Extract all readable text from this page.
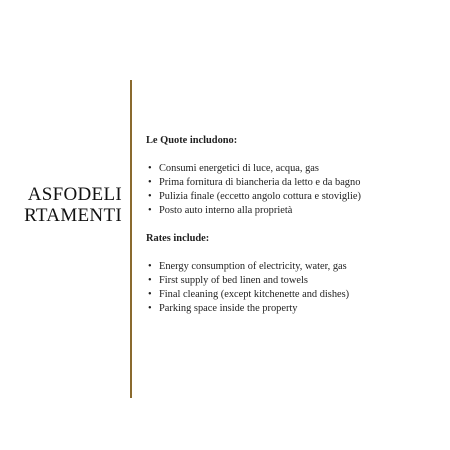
ASFODELI
RTAMENTI
Le Quote includono:
• Consumi energetici di luce, acqua, gas
• Prima fornitura di biancheria da letto e da bagno
• Pulizia finale (eccetto angolo cottura e stoviglie)
• Posto auto interno alla proprietà
Rates include:
• Energy consumption of electricity, water, gas
• First supply of bed linen and towels
• Final cleaning (except kitchenette and dishes)
• Parking space inside the property
